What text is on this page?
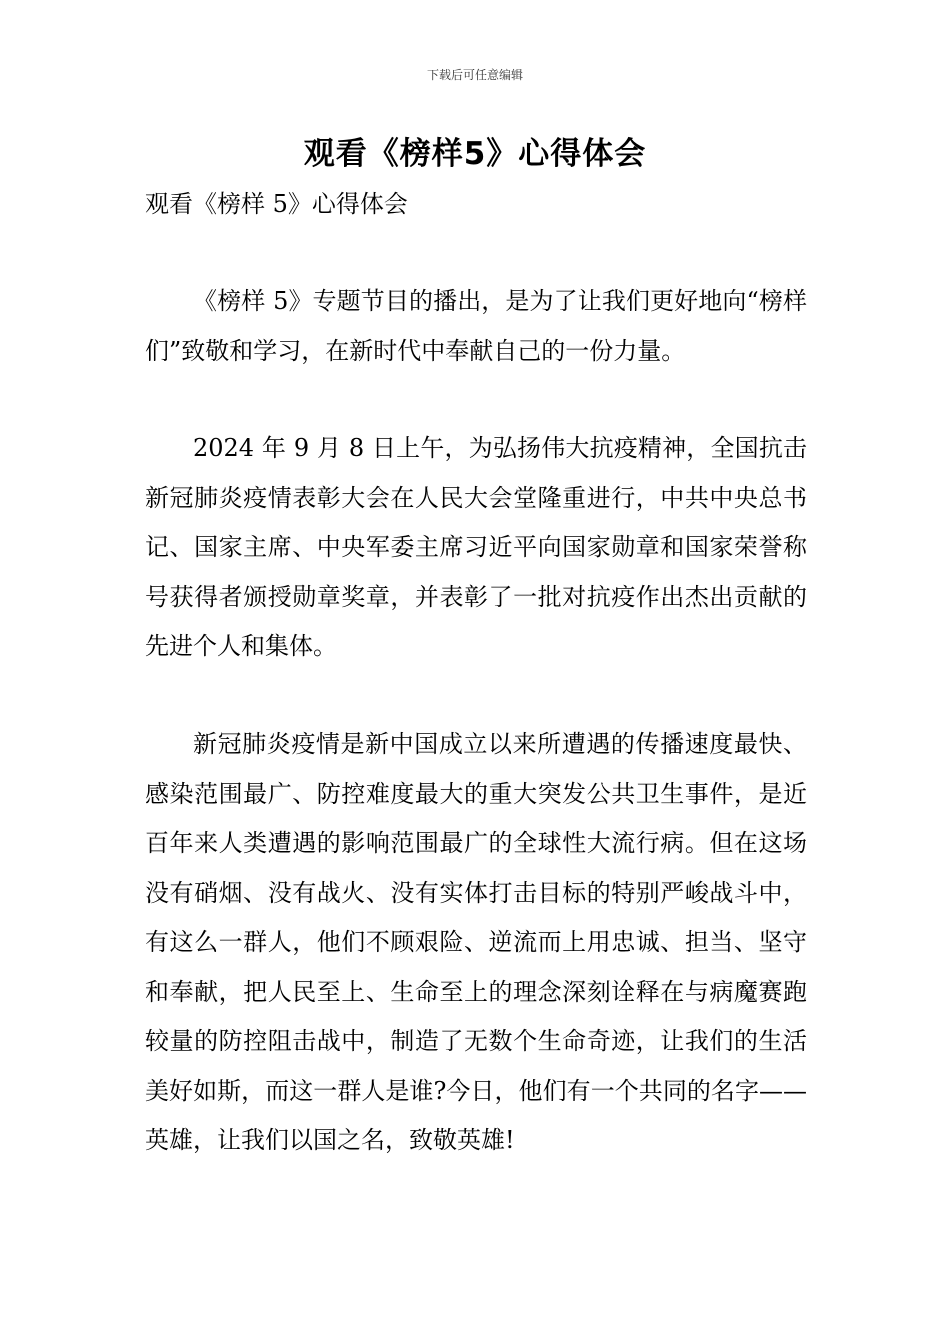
下载后可任意编辑
观看《榜样5》心得体会
观看《榜样 5》心得体会

《榜样 5》专题节目的播出，是为了让我们更好地向“榜样们”致敬和学习，在新时代中奉献自己的一份力量。

2024 年 9 月 8 日上午，为弘扬伟大抗疫精神，全国抗击新冠肺炎疫情表彰大会在人民大会堂隆重进行，中共中央总书记、国家主席、中央军委主席习近平向国家勋章和国家荣誉称号获得者颁授勋章奖章，并表彰了一批对抗疫作出杰出贡献的先进个人和集体。

新冠肺炎疫情是新中国成立以来所遭遇的传播速度最快、感染范围最广、防控难度最大的重大突发公共卫生事件，是近百年来人类遭遇的影响范围最广的全球性大流行病。但在这场没有硝烟、没有战火、没有实体打击目标的特别严峻战斗中，有这么一群人，他们不顾艰险、逆流而上用忠诚、担当、坚守和奉献，把人民至上、生命至上的理念深刻诠释在与病魔赛跑较量的防控阻击战中，制造了无数个生命奇迹，让我们的生活美好如斯，而这一群人是谁?今日，他们有一个共同的名字——英雄，让我们以国之名，致敬英雄!
